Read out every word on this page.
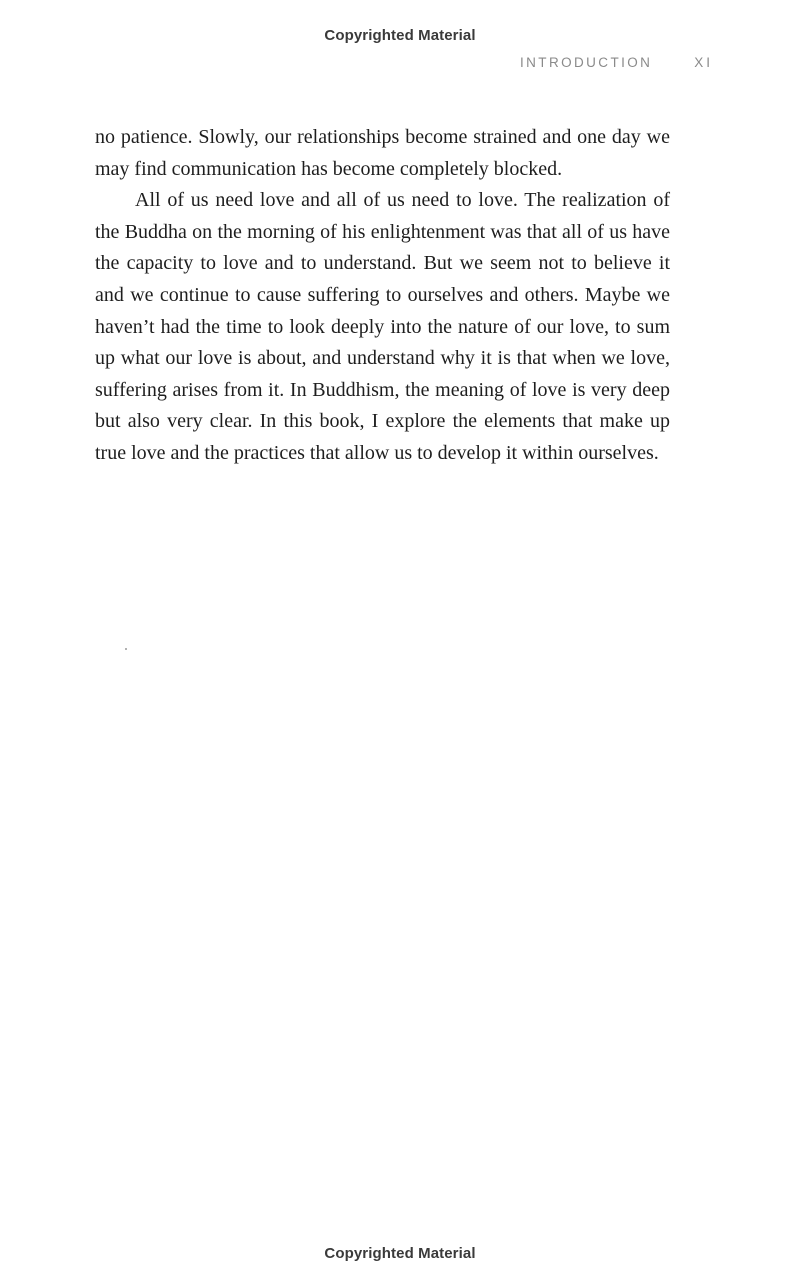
Copyrighted Material
INTRODUCTION	XI

no patience. Slowly, our relationships become strained and one day we may find communication has become completely blocked.

All of us need love and all of us need to love. The realization of the Buddha on the morning of his enlightenment was that all of us have the capacity to love and to understand. But we seem not to believe it and we continue to cause suffering to ourselves and others. Maybe we haven’t had the time to look deeply into the nature of our love, to sum up what our love is about, and understand why it is that when we love, suffering arises from it. In Buddhism, the meaning of love is very deep but also very clear. In this book, I explore the elements that make up true love and the practices that allow us to develop it within ourselves.

Copyrighted Material
